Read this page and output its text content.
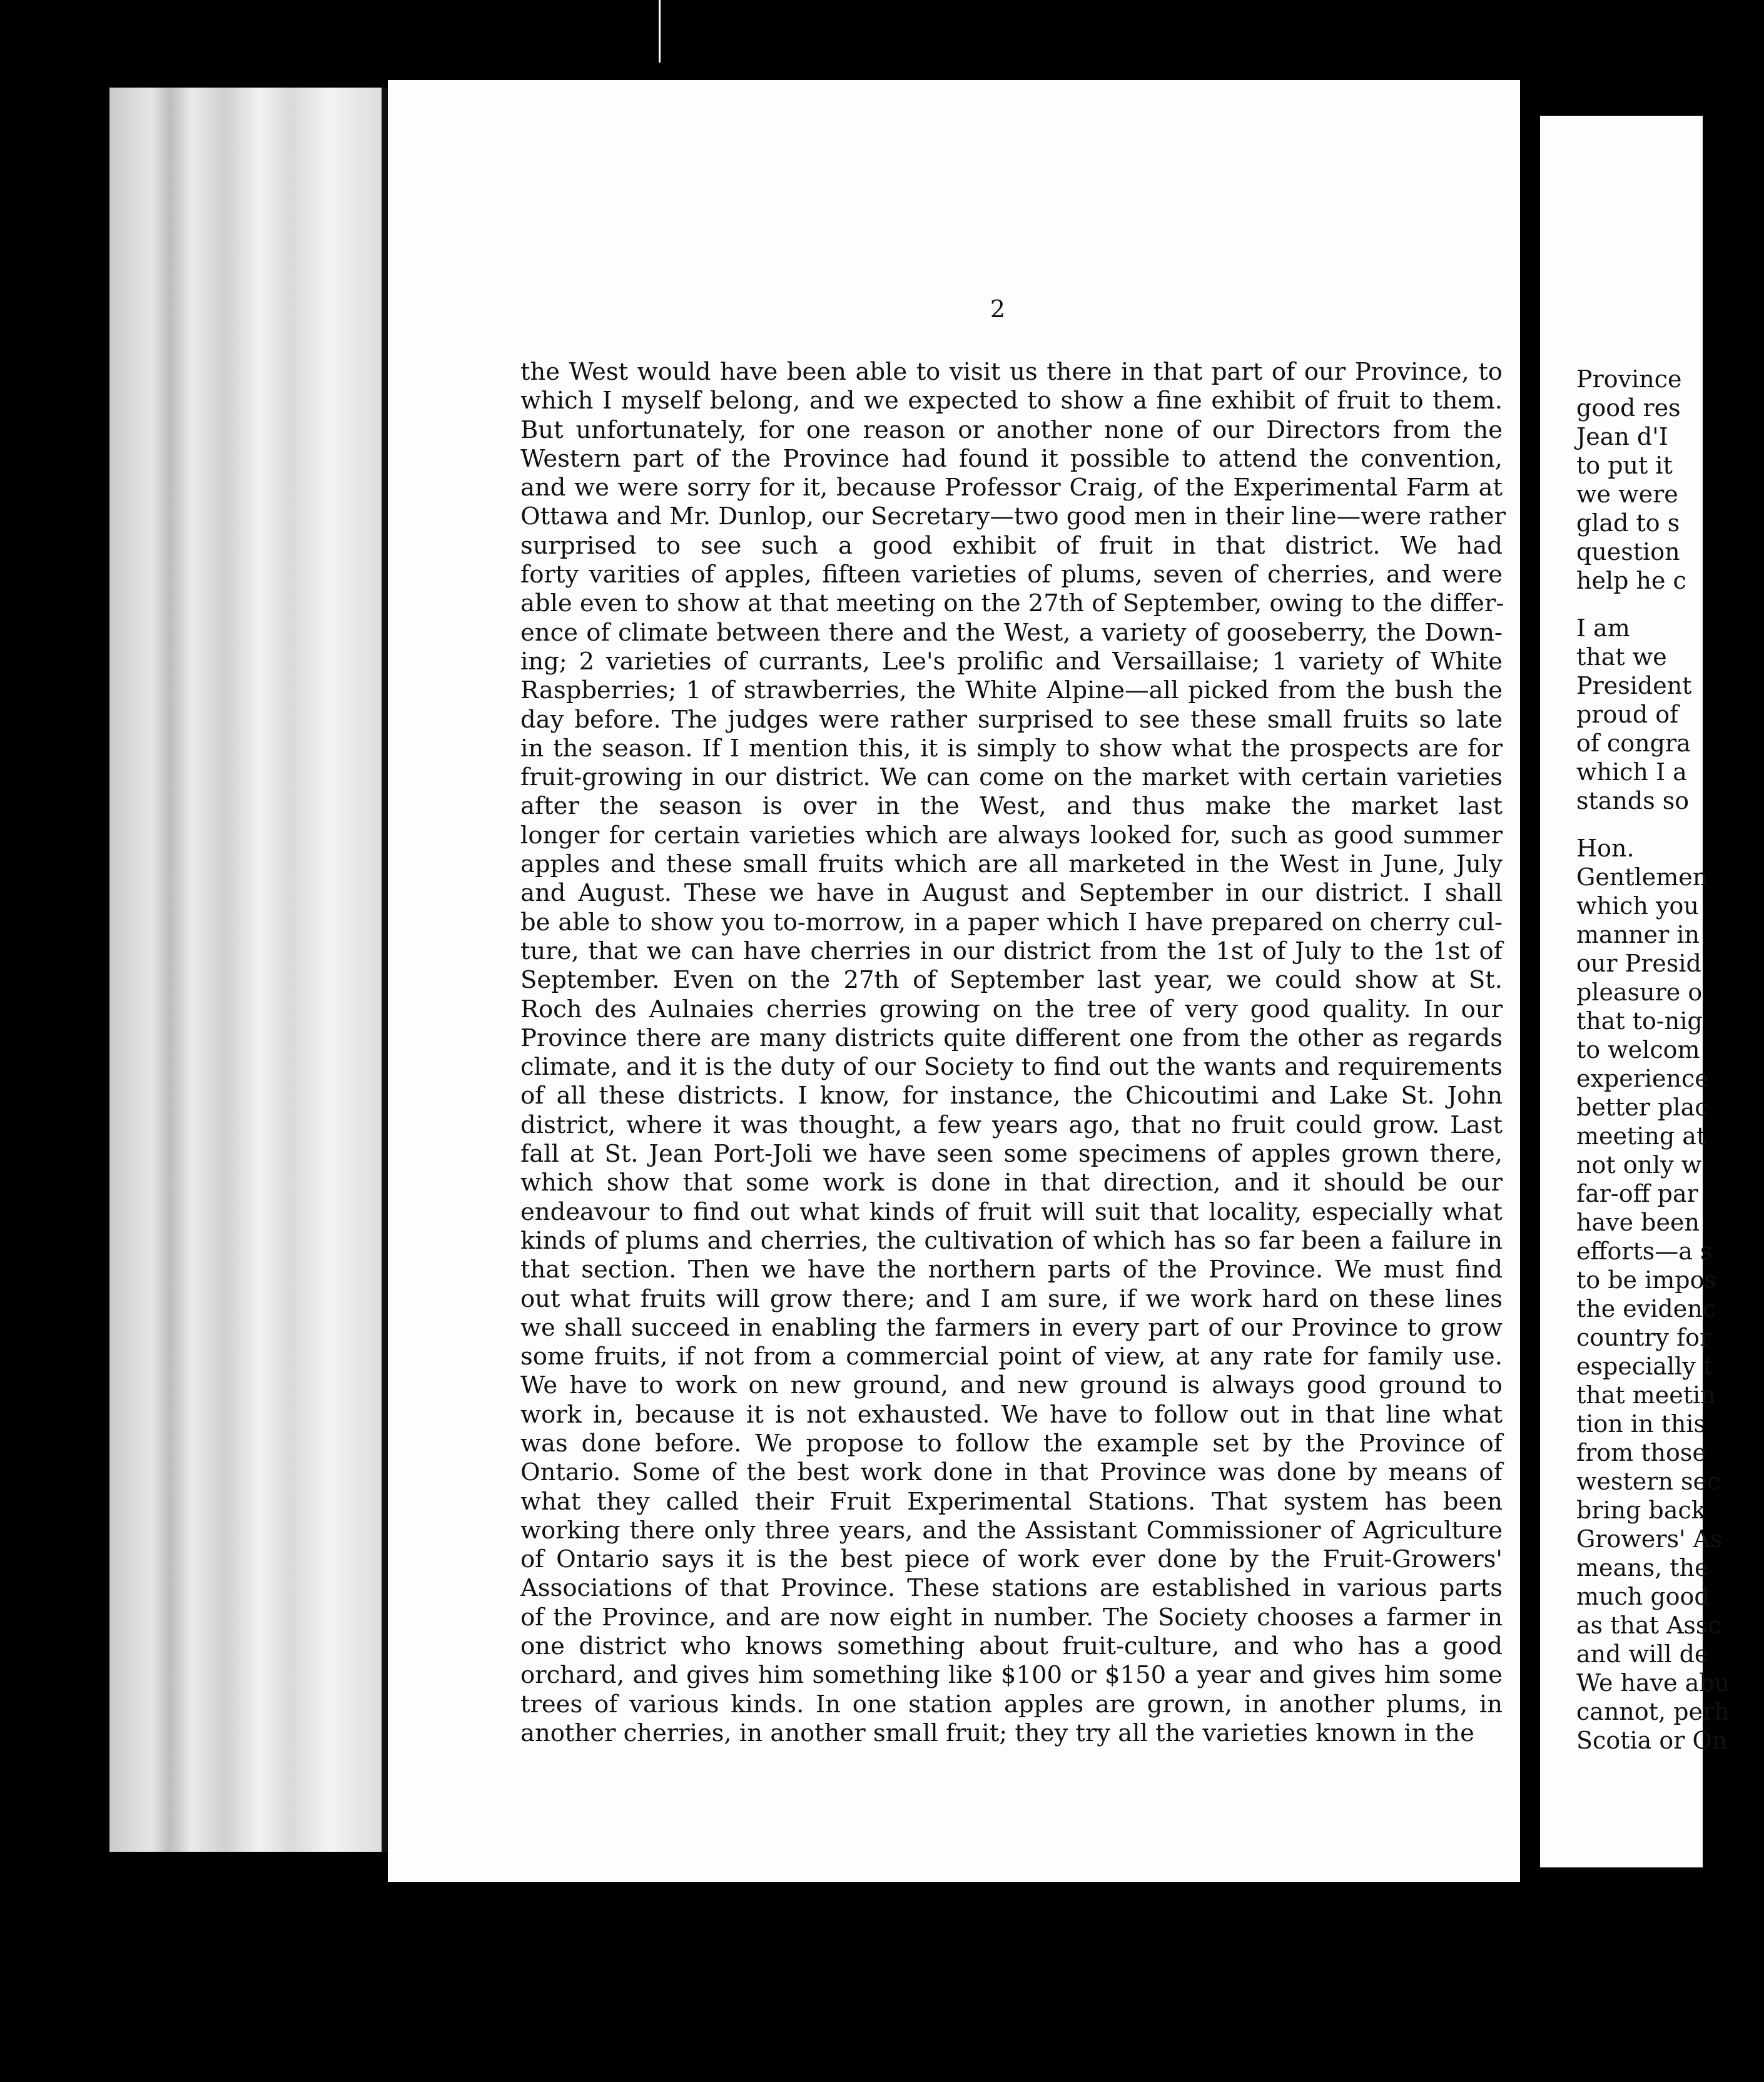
2
the West would have been able to visit us there in that part of our Province, to
which I myself belong, and we expected to show a fine exhibit of fruit to them.
But unfortunately, for one reason or another none of our Directors from the
Western part of the Province had found it possible to attend the convention,
and we were sorry for it, because Professor Craig, of the Experimental Farm at
Ottawa and Mr. Dunlop, our Secretary—two good men in their line—were rather
surprised to see such a good exhibit of fruit in that district. We had
forty varities of apples, fifteen varieties of plums, seven of cherries, and were
able even to show at that meeting on the 27th of September, owing to the differ-
ence of climate between there and the West, a variety of gooseberry, the Down-
ing; 2 varieties of currants, Lee's prolific and Versaillaise; 1 variety of White
Raspberries; 1 of strawberries, the White Alpine—all picked from the bush the
day before. The judges were rather surprised to see these small fruits so late
in the season. If I mention this, it is simply to show what the prospects are for
fruit-growing in our district. We can come on the market with certain varieties
after the season is over in the West, and thus make the market last
longer for certain varieties which are always looked for, such as good summer
apples and these small fruits which are all marketed in the West in June, July
and August. These we have in August and September in our district. I shall
be able to show you to-morrow, in a paper which I have prepared on cherry cul-
ture, that we can have cherries in our district from the 1st of July to the 1st of
September. Even on the 27th of September last year, we could show at St.
Roch des Aulnaies cherries growing on the tree of very good quality. In our
Province there are many districts quite different one from the other as regards
climate, and it is the duty of our Society to find out the wants and requirements
of all these districts. I know, for instance, the Chicoutimi and Lake St. John
district, where it was thought, a few years ago, that no fruit could grow. Last
fall at St. Jean Port-Joli we have seen some specimens of apples grown there,
which show that some work is done in that direction, and it should be our
endeavour to find out what kinds of fruit will suit that locality, especially what
kinds of plums and cherries, the cultivation of which has so far been a failure in
that section. Then we have the northern parts of the Province. We must find
out what fruits will grow there; and I am sure, if we work hard on these lines
we shall succeed in enabling the farmers in every part of our Province to grow
some fruits, if not from a commercial point of view, at any rate for family use.
We have to work on new ground, and new ground is always good ground to
work in, because it is not exhausted. We have to follow out in that line what
was done before. We propose to follow the example set by the Province of
Ontario. Some of the best work done in that Province was done by means of
what they called their Fruit Experimental Stations. That system has been
working there only three years, and the Assistant Commissioner of Agriculture
of Ontario says it is the best piece of work ever done by the Fruit-Growers'
Associations of that Province. These stations are established in various parts
of the Province, and are now eight in number. The Society chooses a farmer in
one district who knows something about fruit-culture, and who has a good
orchard, and gives him something like $100 or $150 a year and gives him some
trees of various kinds. In one station apples are grown, in another plums, in
another cherries, in another small fruit; they try all the varieties known in the
Province
good res
Jean d'I
to put it
we were
glad to s
question
help he c
I am
that we
President
proud of
of congra
which I a
stands so
Hon.
Gentlemen
which you
manner in
our Presid
pleasure o
that to-nig
to welcom
experience
better plac
meeting at
not only w
far-off par
have been
efforts—a s
to be impos
the evidenc
country for
especially t
that meetin
tion in this
from those
western sec
bring back
Growers' As
means, the
much good
as that Assc
and will de
We have abu
cannot, perh
Scotia or On
